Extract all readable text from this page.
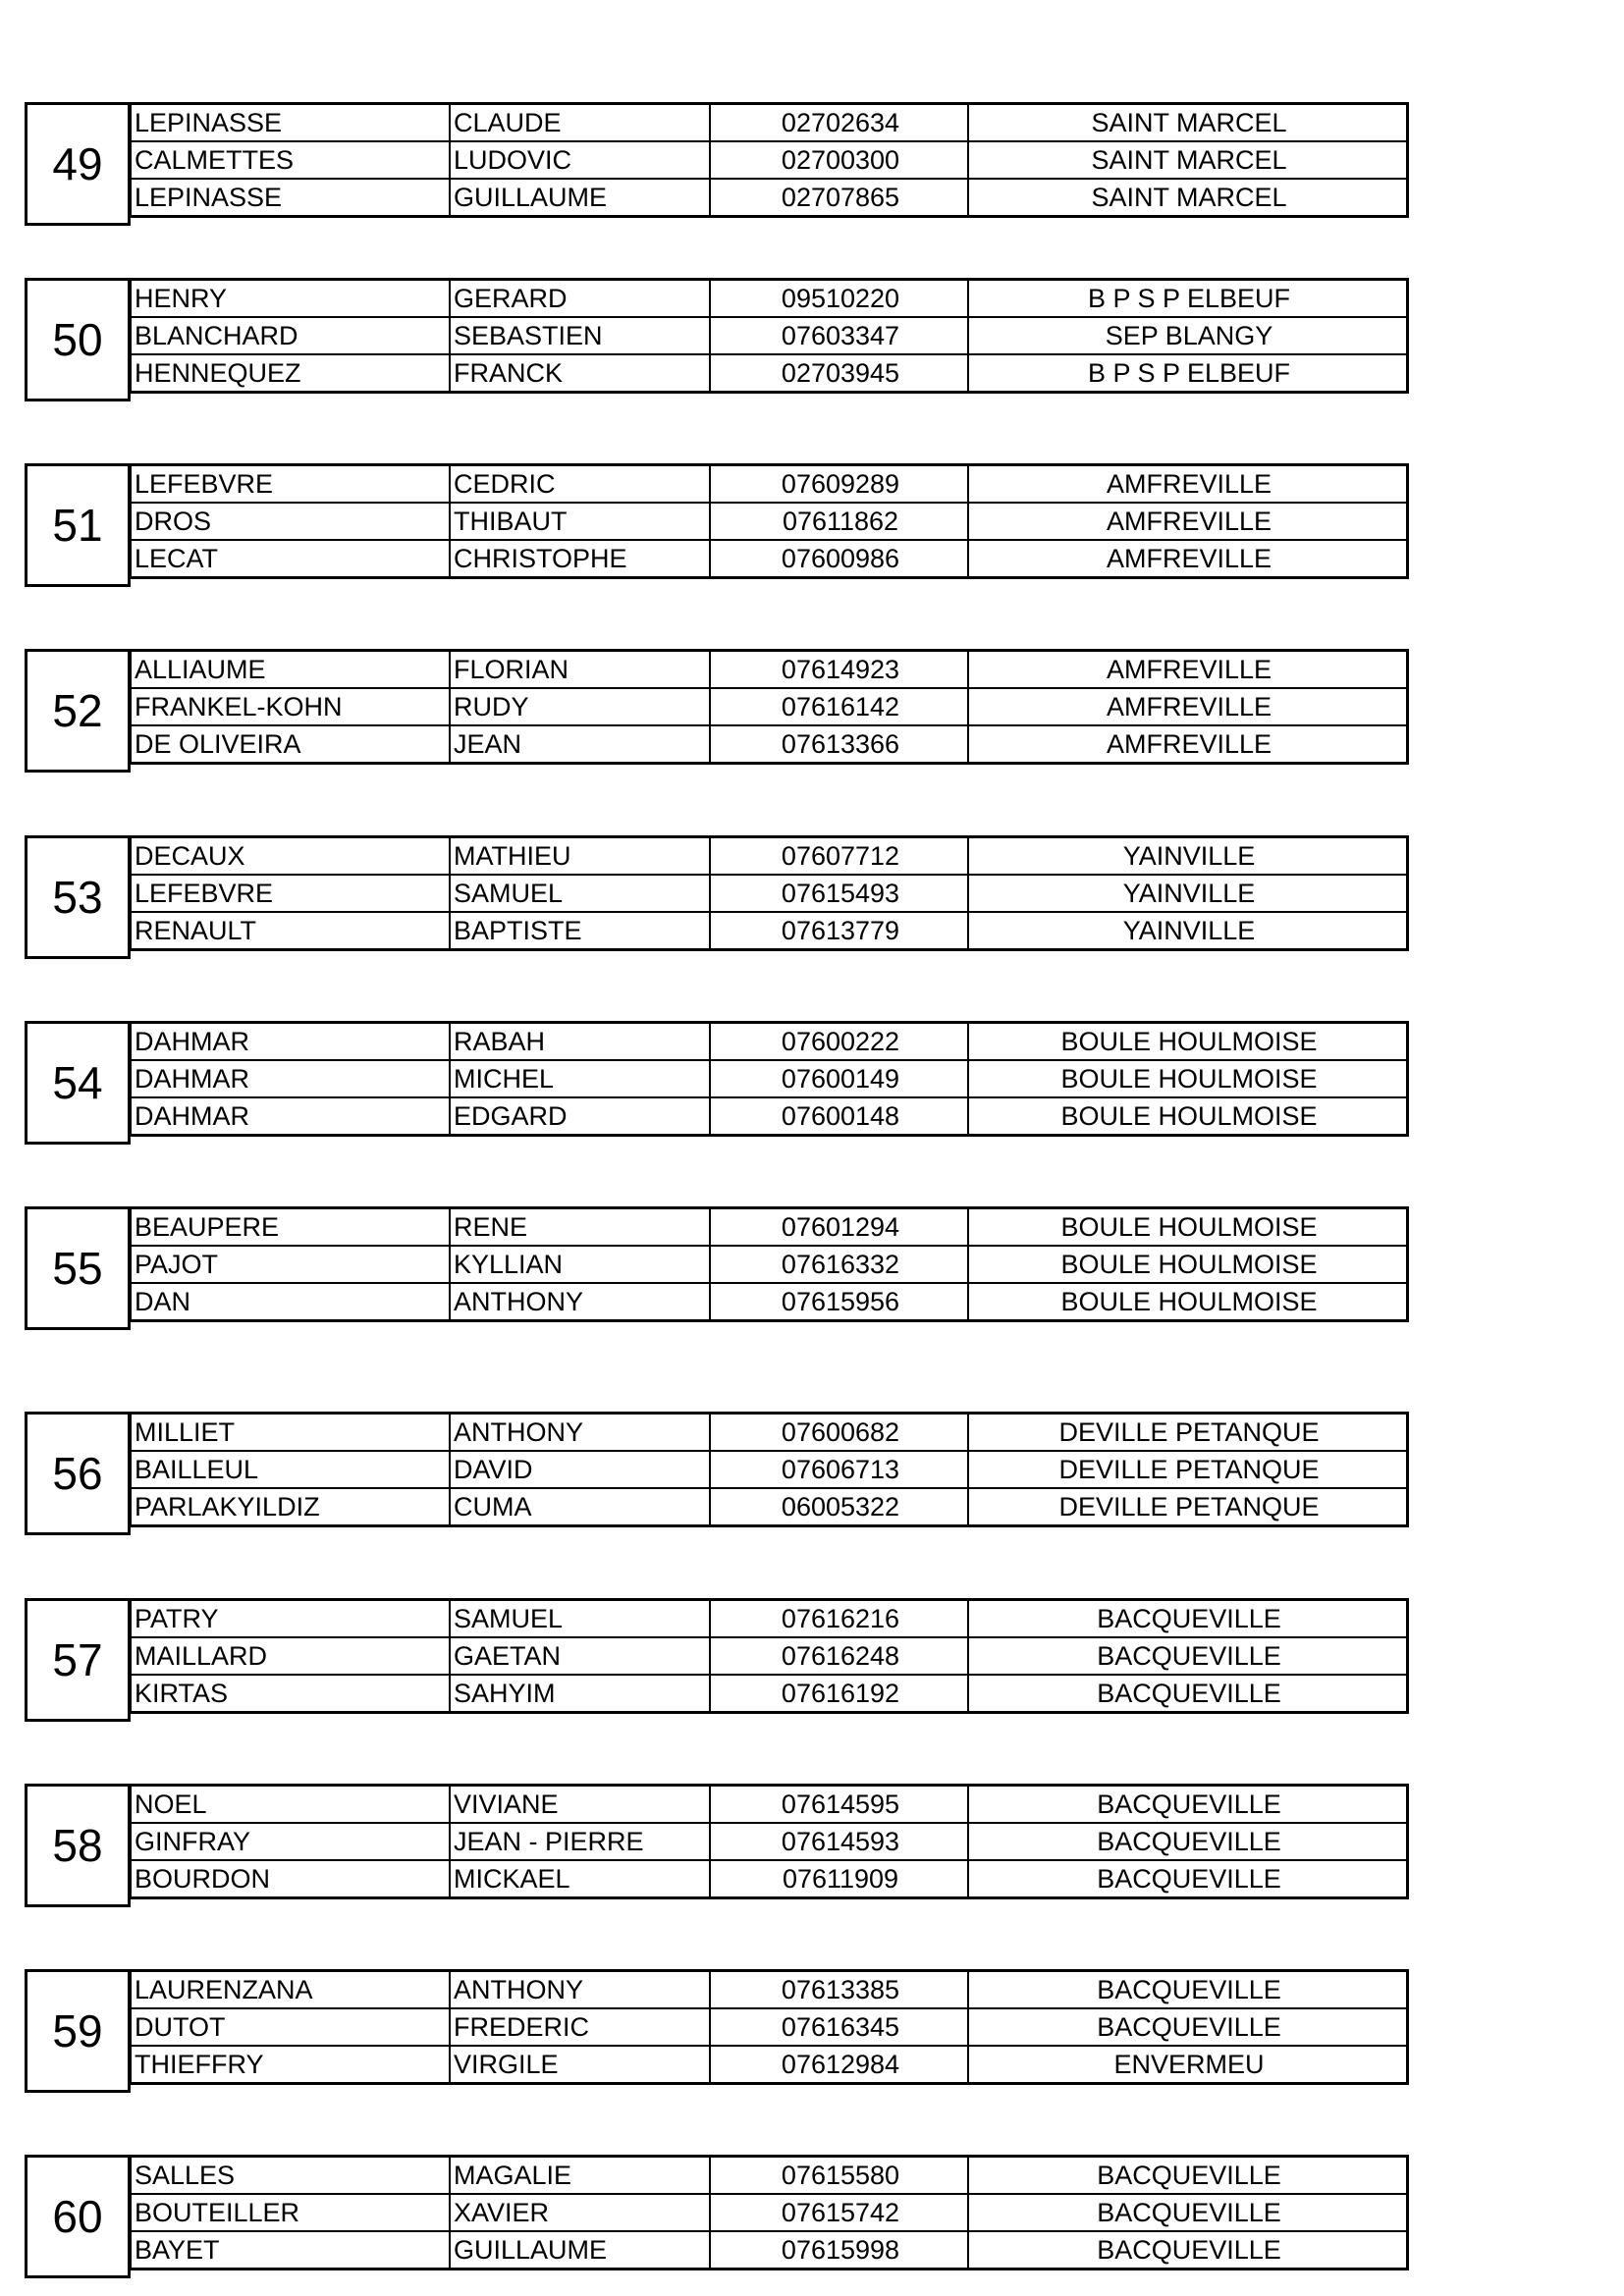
49
LEPINASSE	CLAUDE	02702634	SAINT MARCEL
CALMETTES	LUDOVIC	02700300	SAINT MARCEL
LEPINASSE	GUILLAUME	02707865	SAINT MARCEL
50
HENRY	GERARD	09510220	B P S P ELBEUF
BLANCHARD	SEBASTIEN	07603347	SEP BLANGY
HENNEQUEZ	FRANCK	02703945	B P S P ELBEUF
51
LEFEBVRE	CEDRIC	07609289	AMFREVILLE
DROS	THIBAUT	07611862	AMFREVILLE
LECAT	CHRISTOPHE	07600986	AMFREVILLE
52
ALLIAUME	FLORIAN	07614923	AMFREVILLE
FRANKEL-KOHN	RUDY	07616142	AMFREVILLE
DE OLIVEIRA	JEAN	07613366	AMFREVILLE
53
DECAUX	MATHIEU	07607712	YAINVILLE
LEFEBVRE	SAMUEL	07615493	YAINVILLE
RENAULT	BAPTISTE	07613779	YAINVILLE
54
DAHMAR	RABAH	07600222	BOULE HOULMOISE
DAHMAR	MICHEL	07600149	BOULE HOULMOISE
DAHMAR	EDGARD	07600148	BOULE HOULMOISE
55
BEAUPERE	RENE	07601294	BOULE HOULMOISE
PAJOT	KYLLIAN	07616332	BOULE HOULMOISE
DAN	ANTHONY	07615956	BOULE HOULMOISE
56
MILLIET	ANTHONY	07600682	DEVILLE PETANQUE
BAILLEUL	DAVID	07606713	DEVILLE PETANQUE
PARLAKYILDIZ	CUMA	06005322	DEVILLE PETANQUE
57
PATRY	SAMUEL	07616216	BACQUEVILLE
MAILLARD	GAETAN	07616248	BACQUEVILLE
KIRTAS	SAHYIM	07616192	BACQUEVILLE
58
NOEL	VIVIANE	07614595	BACQUEVILLE
GINFRAY	JEAN - PIERRE	07614593	BACQUEVILLE
BOURDON	MICKAEL	07611909	BACQUEVILLE
59
LAURENZANA	ANTHONY	07613385	BACQUEVILLE
DUTOT	FREDERIC	07616345	BACQUEVILLE
THIEFFRY	VIRGILE	07612984	ENVERMEU
60
SALLES	MAGALIE	07615580	BACQUEVILLE
BOUTEILLER	XAVIER	07615742	BACQUEVILLE
BAYET	GUILLAUME	07615998	BACQUEVILLE
